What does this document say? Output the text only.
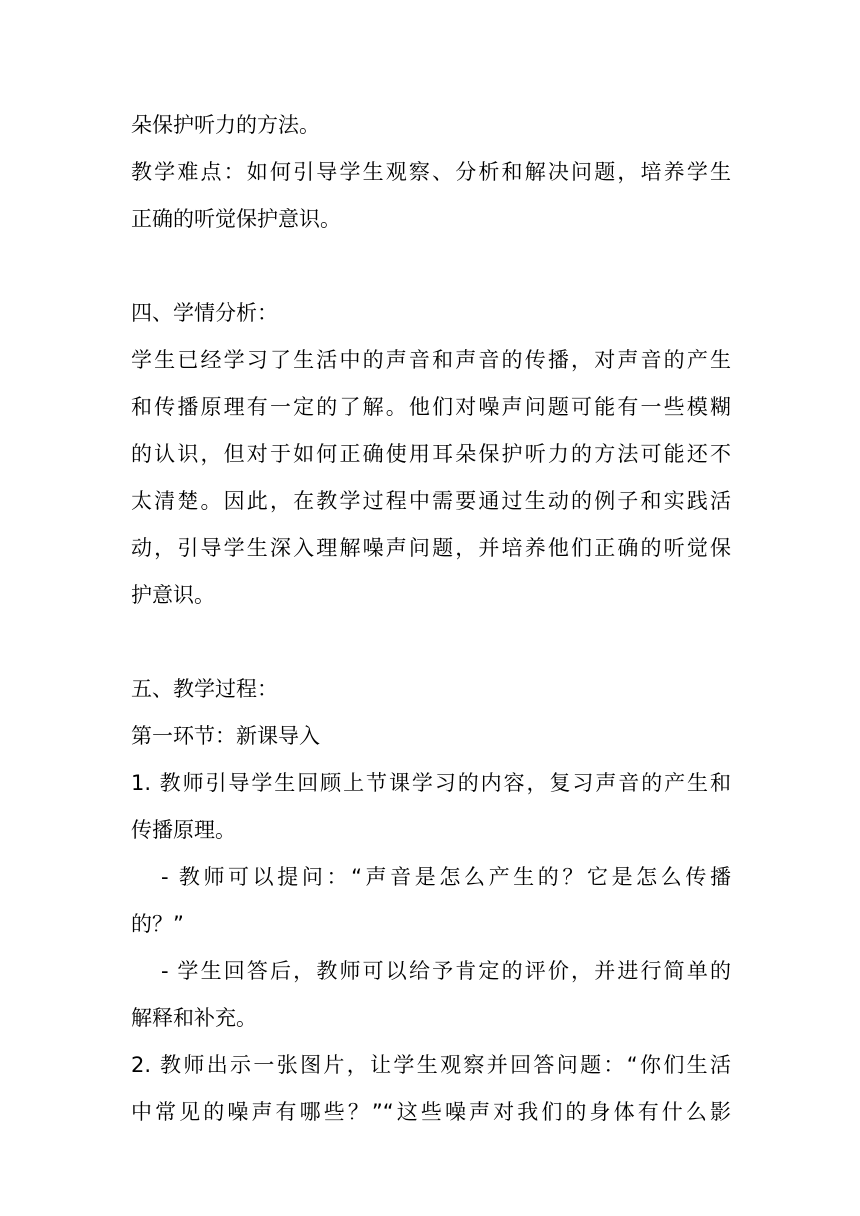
朵保护听力的方法。
教学难点：如何引导学生观察、分析和解决问题，培养学生
正确的听觉保护意识。
四、学情分析：
学生已经学习了生活中的声音和声音的传播，对声音的产生
和传播原理有一定的了解。他们对噪声问题可能有一些模糊
的认识，但对于如何正确使用耳朵保护听力的方法可能还不
太清楚。因此，在教学过程中需要通过生动的例子和实践活
动，引导学生深入理解噪声问题，并培养他们正确的听觉保
护意识。
五、教学过程：
第一环节：新课导入
1. 教师引导学生回顾上节课学习的内容，复习声音的产生和
传播原理。
- 教师可以提问：“声音是怎么产生的？它是怎么传播
的？”
- 学生回答后，教师可以给予肯定的评价，并进行简单的
解释和补充。
2. 教师出示一张图片，让学生观察并回答问题：“你们生活
中常见的噪声有哪些？”“这些噪声对我们的身体有什么影
